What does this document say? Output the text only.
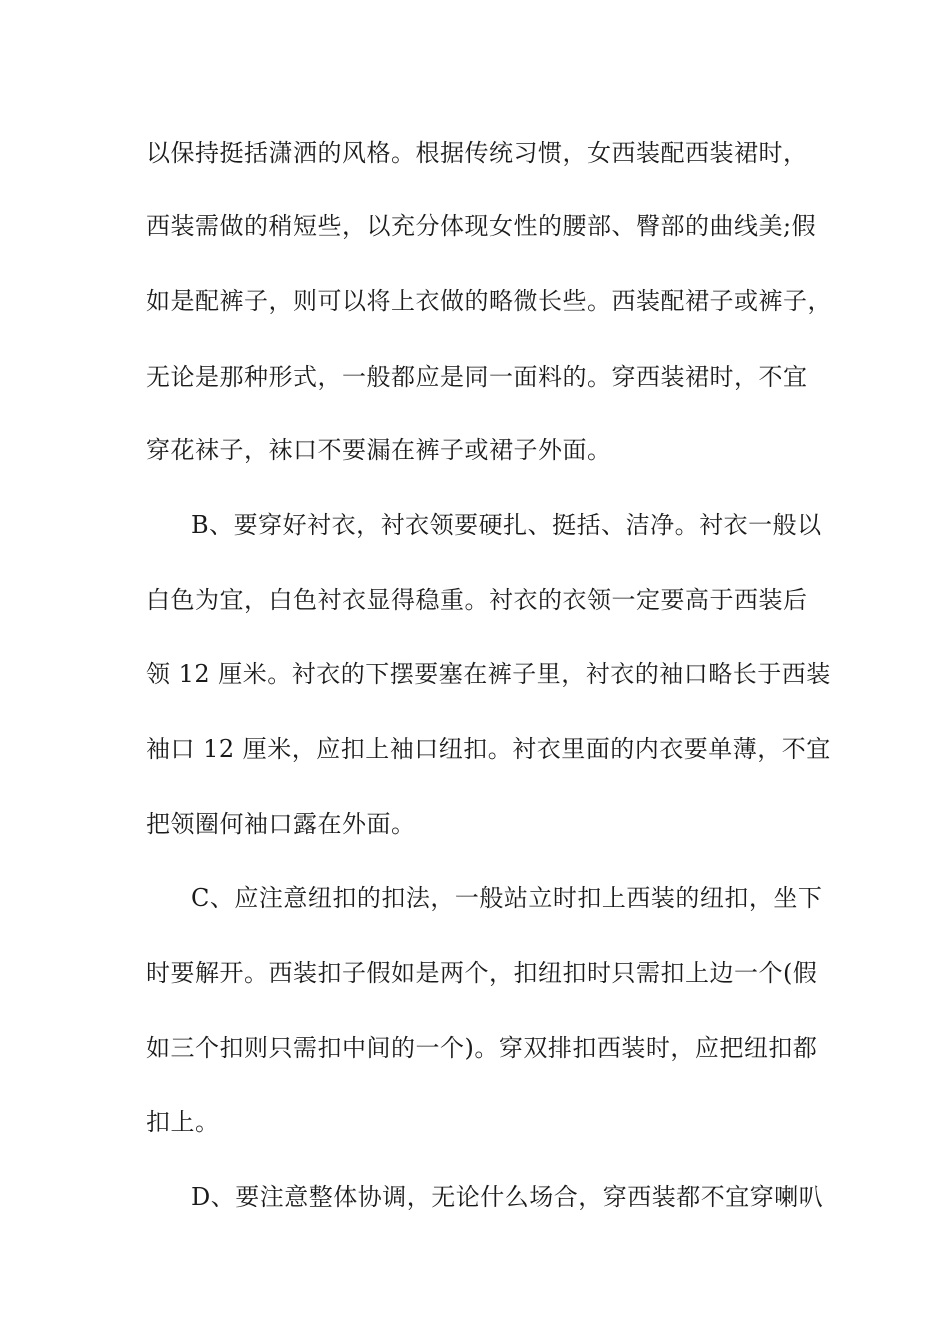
以保持挺括潇洒的风格。根据传统习惯，女西装配西装裙时，

西装需做的稍短些，以充分体现女性的腰部、臀部的曲线美;假

如是配裤子，则可以将上衣做的略微长些。西装配裙子或裤子，

无论是那种形式，一般都应是同一面料的。穿西装裙时，不宜

穿花袜子，袜口不要漏在裤子或裙子外面。

B、要穿好衬衣，衬衣领要硬扎、挺括、洁净。衬衣一般以

白色为宜，白色衬衣显得稳重。衬衣的衣领一定要高于西装后

领 12 厘米。衬衣的下摆要塞在裤子里，衬衣的袖口略长于西装

袖口 12 厘米，应扣上袖口纽扣。衬衣里面的内衣要单薄，不宜

把领圈何袖口露在外面。

C、应注意纽扣的扣法，一般站立时扣上西装的纽扣，坐下

时要解开。西装扣子假如是两个，扣纽扣时只需扣上边一个(假

如三个扣则只需扣中间的一个)。穿双排扣西装时，应把纽扣都

扣上。

D、要注意整体协调，无论什么场合，穿西装都不宜穿喇叭
